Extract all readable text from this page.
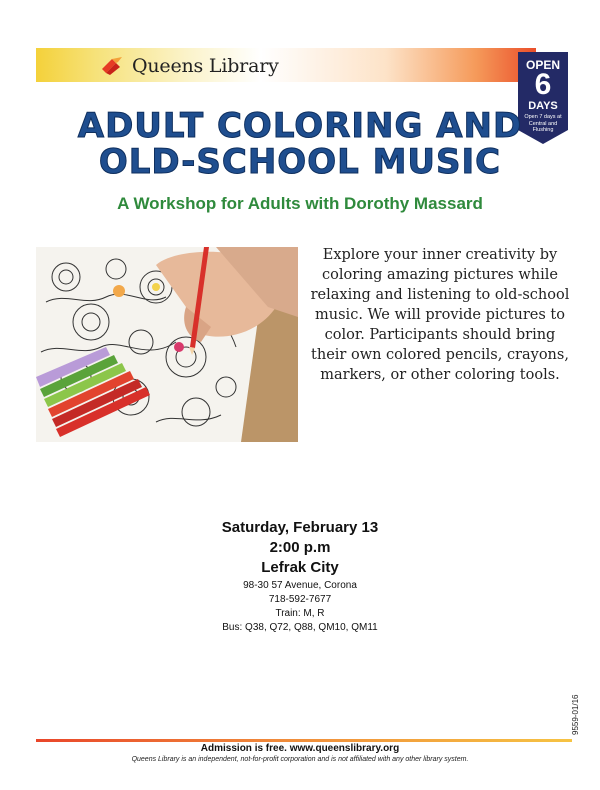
Queens Library	OPEN
6
DAYS
Open 7 days at Central and Flushing
ADULT COLORING AND
OLD-SCHOOL MUSIC
A Workshop for Adults with Dorothy Massard
Explore your inner creativity by coloring amazing pictures while relaxing and listening to old-school music. We will provide pictures to color. Participants should bring their own colored pencils, crayons, markers, or other coloring tools.
Saturday, February 13
2:00 p.m
Lefrak City
98-30 57 Avenue, Corona
718-592-7677
Train: M, R
Bus: Q38, Q72, Q88, QM10, QM11
Admission is free. www.queenslibrary.org
Queens Library is an independent, not-for-profit corporation and is not affiliated with any other library system.
9559-01/16
